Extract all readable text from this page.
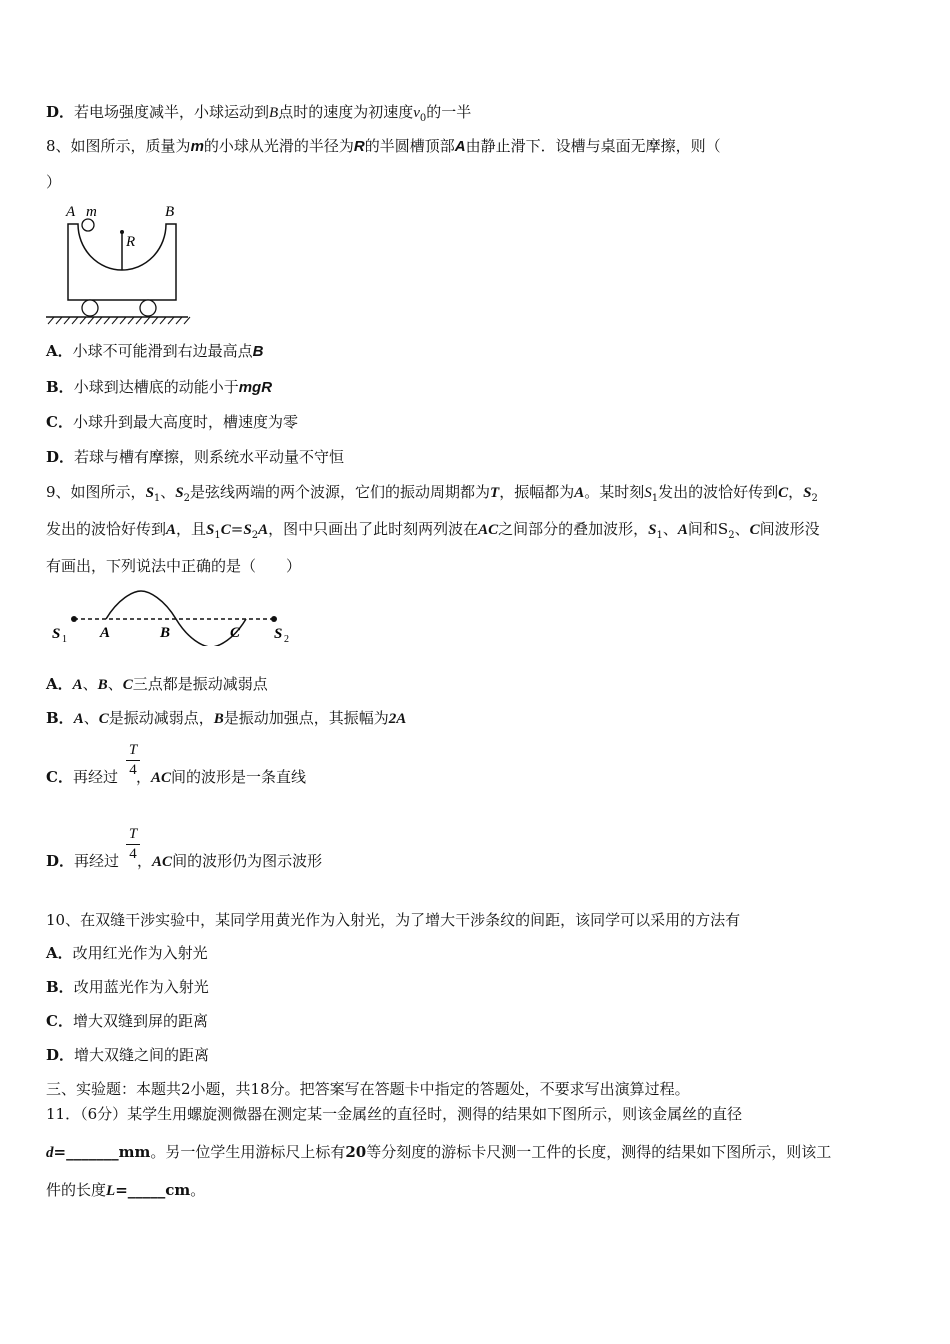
D．若电场强度减半，小球运动到B点时的速度为初速度$v_0$的一半
8、如图所示，质量为m的小球从光滑的半径为R的半圆槽顶部A由静止滑下．设槽与桌面无摩擦，则（
）
A m	B
R
A．小球不可能滑到右边最高点B
B．小球到达槽底的动能小于mgR
C．小球升到最大高度时，槽速度为零
D．若球与槽有摩擦，则系统水平动量不守恒
9、如图所示，$S_1$、$S_2$是弦线两端的两个波源，它们的振动周期都为T，振幅都为A。某时刻$S_1$发出的波恰好传到C，$S_2$
发出的波恰好传到A，且$S_1C=S_2A$，图中只画出了此时刻两列波在AC之间部分的叠加波形，$S_1$、A间和$S_2$、C间波形没
有画出，下列说法中正确的是（　　）
S 1 A	B	C S 2
A．A、B、C三点都是振动减弱点
B．A、C是振动减弱点，B是振动加强点，其振幅为2A
C．再经过 ，AC间的波形是一条直线
T
4
D．再经过 ，AC间的波形仍为图示波形
T
4
10、在双缝干涉实验中，某同学用黄光作为入射光，为了增大干涉条纹的间距，该同学可以采用的方法有
A．改用红光作为入射光
B．改用蓝光作为入射光
C．增大双缝到屏的距离
D．增大双缝之间的距离
三、实验题：本题共2小题，共18分。把答案写在答题卡中指定的答题处，不要求写出演算过程。
11．（6分）某学生用螺旋测微器在测定某一金属丝的直径时，测得的结果如下图所示，则该金属丝的直径
d=_______mm。另一位学生用游标尺上标有20等分刻度的游标卡尺测一工件的长度，测得的结果如下图所示，则该工
件的长度L=_____cm。
